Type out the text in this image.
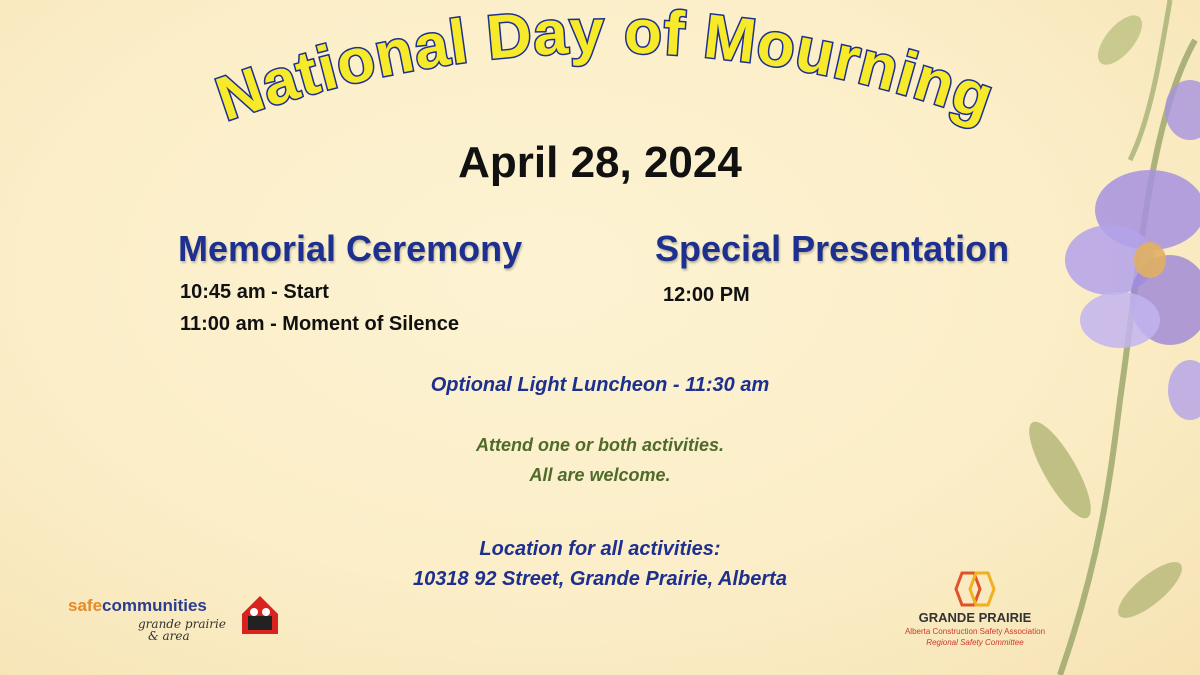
National Day of Mourning
April 28, 2024
Memorial Ceremony
10:45 am - Start
11:00 am - Moment of Silence
Special Presentation
12:00 PM
Optional Light Luncheon - 11:30 am
Attend one or both activities.
All are welcome.
Location for all activities:
10318 92 Street, Grande Prairie, Alberta
safecommunities
grande prairie
& area
GRANDE PRAIRIE
Alberta Construction Safety Association
Regional Safety Committee
